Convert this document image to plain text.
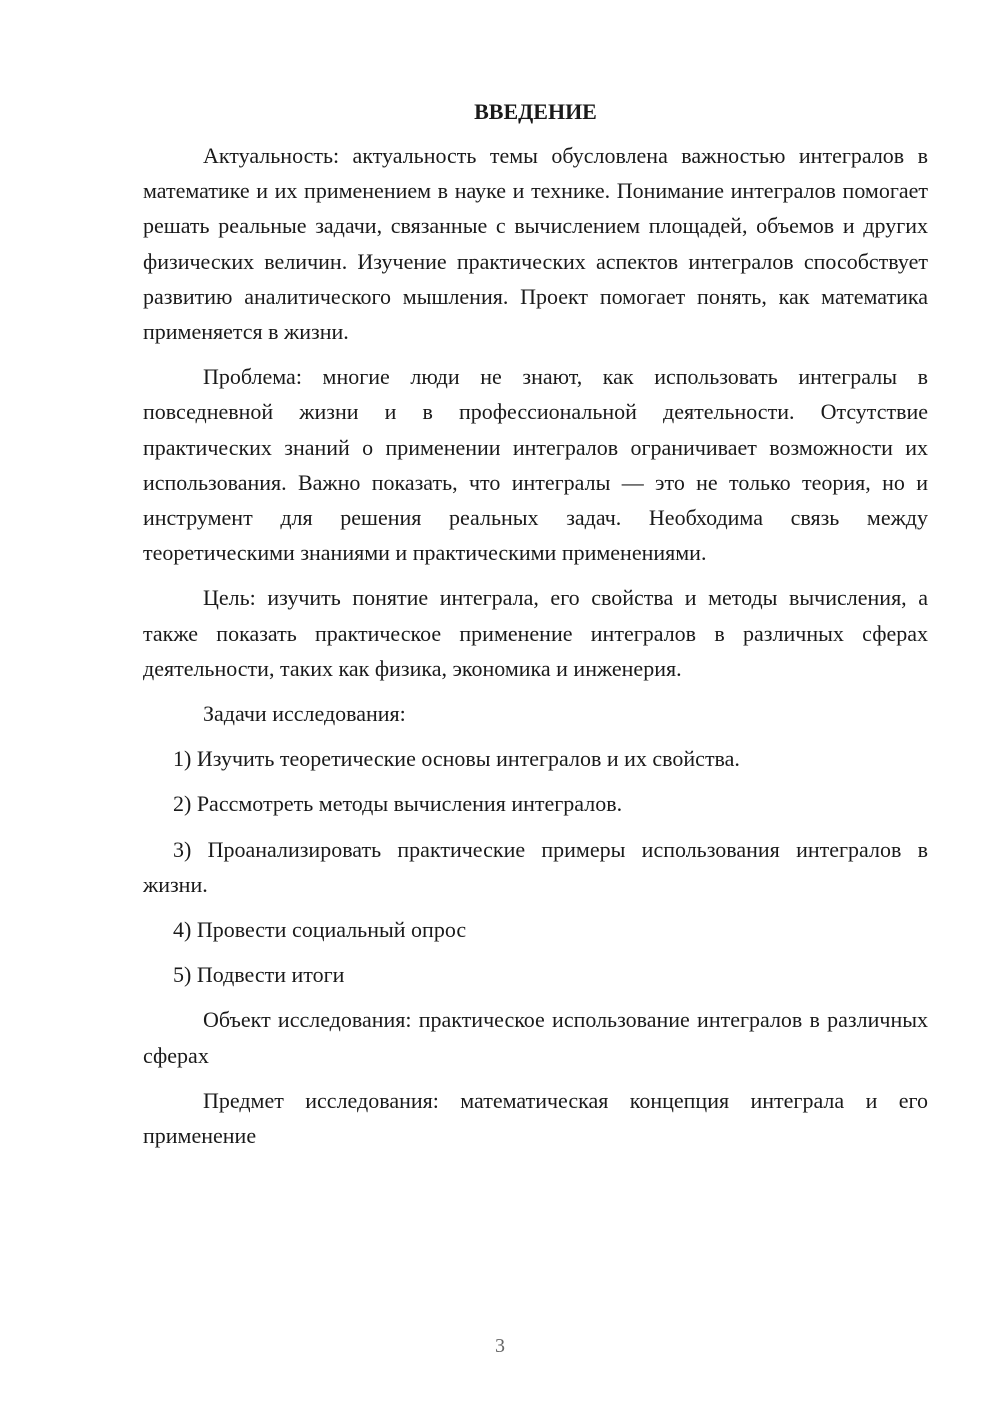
ВВЕДЕНИЕ

Актуальность: актуальность темы обусловлена важностью интегралов в математике и их применением в науке и технике. Понимание интегралов помогает решать реальные задачи, связанные с вычислением площадей, объемов и других физических величин. Изучение практических аспектов интегралов способствует развитию аналитического мышления. Проект помогает понять, как математика применяется в жизни.

Проблема: многие люди не знают, как использовать интегралы в повседневной жизни и в профессиональной деятельности. Отсутствие практических знаний о применении интегралов ограничивает возможности их использования. Важно показать, что интегралы — это не только теория, но и инструмент для решения реальных задач. Необходима связь между теоретическими знаниями и практическими применениями.

Цель: изучить понятие интеграла, его свойства и методы вычисления, а также показать практическое применение интегралов в различных сферах деятельности, таких как физика, экономика и инженерия.

Задачи исследования:

1) Изучить теоретические основы интегралов и их свойства.

2) Рассмотреть методы вычисления интегралов.

3) Проанализировать практические примеры использования интегралов в жизни.

4) Провести социальный опрос

5) Подвести итоги

Объект исследования: практическое использование интегралов в различных сферах

Предмет исследования: математическая концепция интеграла и его применение

3
